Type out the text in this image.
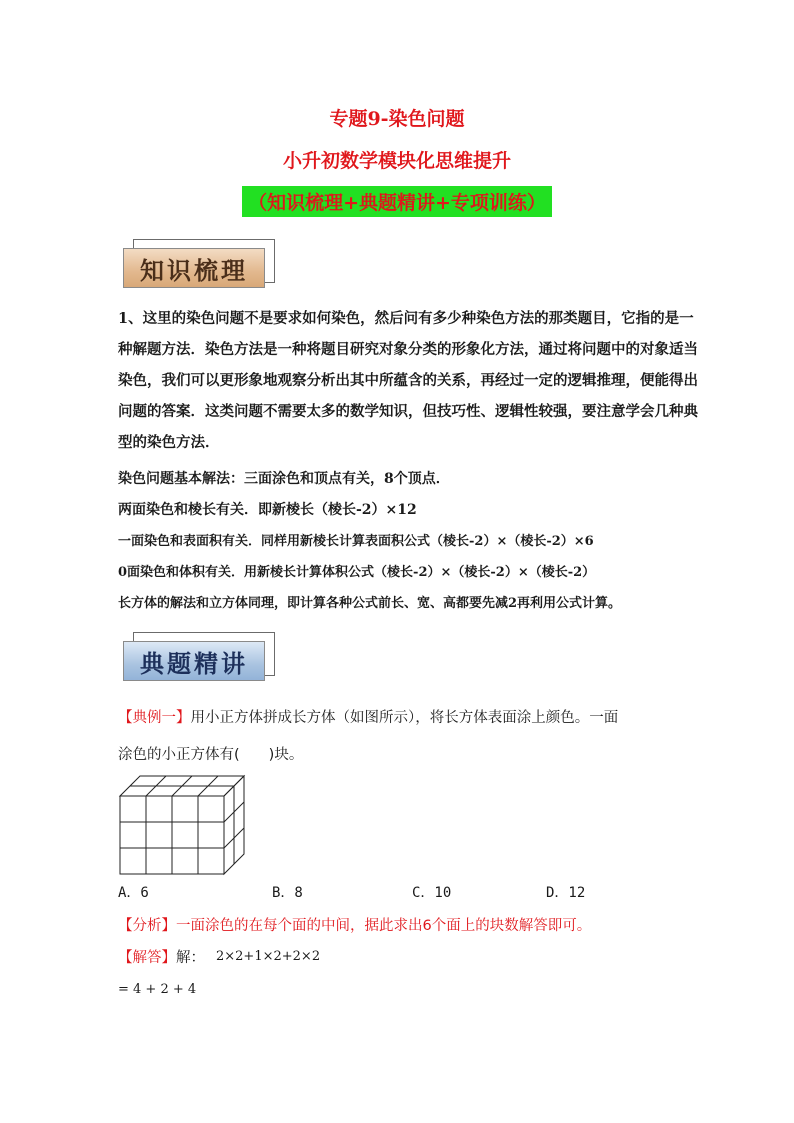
专题9-染色问题
小升初数学模块化思维提升
（知识梳理+典题精讲+专项训练）
知识梳理

1、这里的染色问题不是要求如何染色，然后问有多少种染色方法的那类题目，它指的是一种解题方法．染色方法是一种将题目研究对象分类的形象化方法，通过将问题中的对象适当染色，我们可以更形象地观察分析出其中所蕴含的关系，再经过一定的逻辑推理，便能得出问题的答案．这类问题不需要太多的数学知识，但技巧性、逻辑性较强，要注意学会几种典型的染色方法．

染色问题基本解法：三面涂色和顶点有关，8个顶点．
两面染色和棱长有关．即新棱长（棱长-2）×12
一面染色和表面积有关．同样用新棱长计算表面积公式（棱长-2）×（棱长-2）×6
0面染色和体积有关．用新棱长计算体积公式（棱长-2）×（棱长-2）×（棱长-2）
长方体的解法和立方体同理，即计算各种公式前长、宽、高都要先减2再利用公式计算。
典题精讲
【典例一】用小正方体拼成长方体（如图所示），将长方体表面涂上颜色。一面
涂色的小正方体有(　　)块。
A．6	B．8	C．10	D．12
【分析】一面涂色的在每个面的中间，据此求出6个面上的块数解答即可。
【解答】解： 2×2+1×2+2×2
= 4 + 2 + 4
